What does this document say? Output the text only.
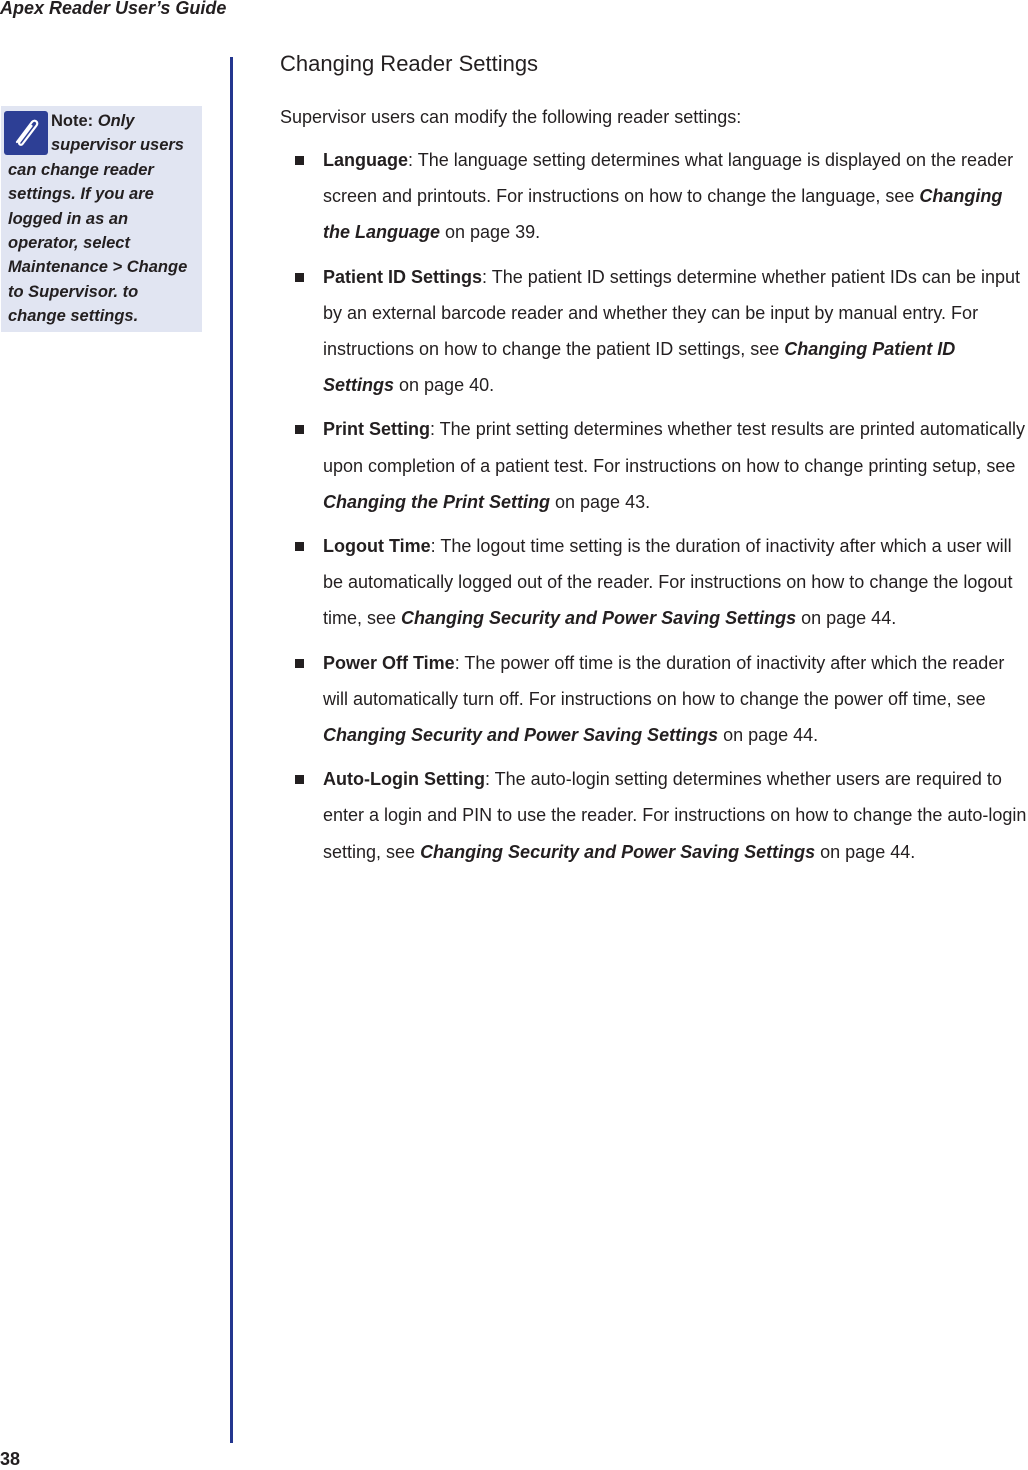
Apex Reader User’s Guide
Note: Only supervisor users can change reader settings. If you are logged in as an operator, select Maintenance > Change to Supervisor. to change settings.
Changing Reader Settings

Supervisor users can modify the following reader settings:

Language: The language setting determines what language is displayed on the reader screen and printouts. For instructions on how to change the language, see Changing the Language on page 39.
Patient ID Settings: The patient ID settings determine whether patient IDs can be input by an external barcode reader and whether they can be input by manual entry. For instructions on how to change the patient ID settings, see Changing Patient ID Settings on page 40.
Print Setting: The print setting determines whether test results are printed automatically upon completion of a patient test. For instructions on how to change printing setup, see Changing the Print Setting on page 43.
Logout Time: The logout time setting is the duration of inactivity after which a user will be automatically logged out of the reader. For instructions on how to change the logout time, see Changing Security and Power Saving Settings on page 44.
Power Off Time: The power off time is the duration of inactivity after which the reader will automatically turn off. For instructions on how to change the power off time, see Changing Security and Power Saving Settings on page 44.
Auto-Login Setting: The auto-login setting determines whether users are required to enter a login and PIN to use the reader. For instructions on how to change the auto-login setting, see Changing Security and Power Saving Settings on page 44.
38
